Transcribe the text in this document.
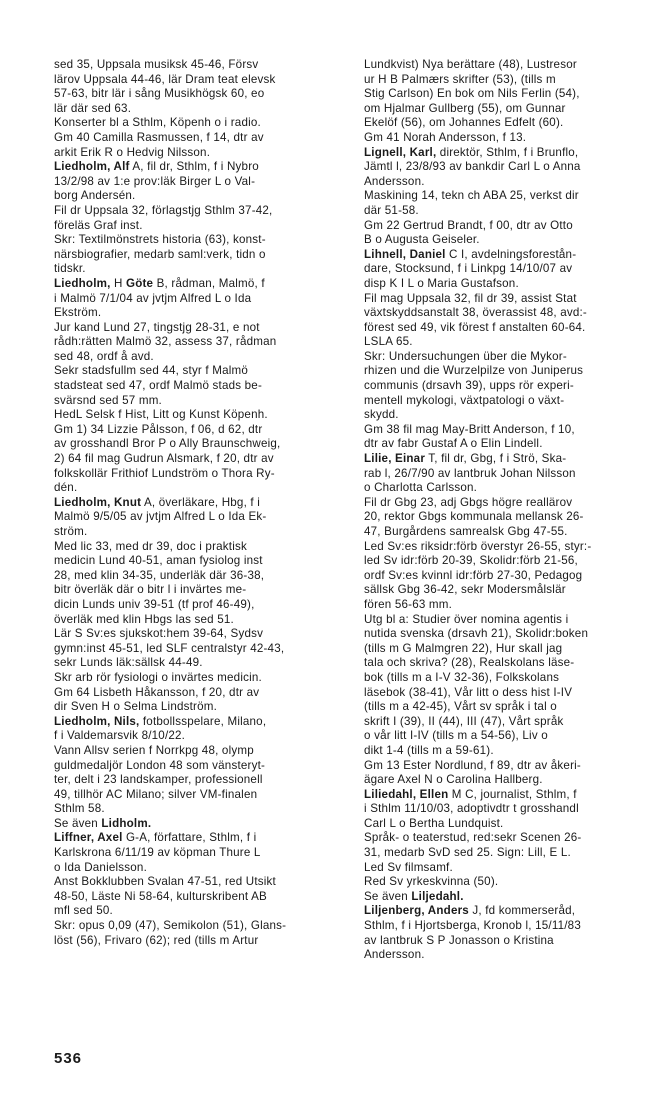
sed 35, Uppsala musiksk 45-46, Försv
lärov Uppsala 44-46, lär Dram teat elevsk
57-63, bitr lär i sång Musikhögsk 60, eo
lär där sed 63.
Konserter bl a Sthlm, Köpenh o i radio.
Gm 40 Camilla Rasmussen, f 14, dtr av
arkit Erik R o Hedvig Nilsson.
Liedholm, Alf A, fil dr, Sthlm, f i Nybro
13/2/98 av 1:e prov:läk Birger L o Val-
borg Andersén.
Fil dr Uppsala 32, förlagstjg Sthlm 37-42,
föreläs Graf inst.
Skr: Textilmönstrets historia (63), konst-
närsbiografier, medarb saml:verk, tidn o
tidskr.
Liedholm, H Göte B, rådman, Malmö, f
i Malmö 7/1/04 av jvtjm Alfred L o Ida
Ekström.
Jur kand Lund 27, tingstjg 28-31, e not
rådh:rätten Malmö 32, assess 37, rådman
sed 48, ordf å avd.
Sekr stadsfullm sed 44, styr f Malmö
stadsteat sed 47, ordf Malmö stads be-
svärsnd sed 57 mm.
HedL Selsk f Hist, Litt og Kunst Köpenh.
Gm 1) 34 Lizzie Pålsson, f 06, d 62, dtr
av grosshandl Bror P o Ally Braunschweig,
2) 64 fil mag Gudrun Alsmark, f 20, dtr av
folkskollär Frithiof Lundström o Thora Ry-
dén.
Liedholm, Knut A, överläkare, Hbg, f i
Malmö 9/5/05 av jvtjm Alfred L o Ida Ek-
ström.
Med lic 33, med dr 39, doc i praktisk
medicin Lund 40-51, aman fysiolog inst
28, med klin 34-35, underläk där 36-38,
bitr överläk där o bitr l i invärtes me-
dicin Lunds univ 39-51 (tf prof 46-49),
överläk med klin Hbgs las sed 51.
Lär S Sv:es sjukskot:hem 39-64, Sydsv
gymn:inst 45-51, led SLF centralstyr 42-43,
sekr Lunds läk:sällsk 44-49.
Skr arb rör fysiologi o invärtes medicin.
Gm 64 Lisbeth Håkansson, f 20, dtr av
dir Sven H o Selma Lindström.
Liedholm, Nils, fotbollsspelare, Milano,
f i Valdemarsvik 8/10/22.
Vann Allsv serien f Norrkpg 48, olymp
guldmedaljör London 48 som vänsteryt-
ter, delt i 23 landskamper, professionell
49, tillhör AC Milano; silver VM-finalen
Sthlm 58.
Se även Lidholm.
Liffner, Axel G-A, författare, Sthlm, f i
Karlskrona 6/11/19 av köpman Thure L
o Ida Danielsson.
Anst Bokklubben Svalan 47-51, red Utsikt
48-50, Läste Ni 58-64, kulturskribent AB
mfl sed 50.
Skr: opus 0,09 (47), Semikolon (51), Glans-
löst (56), Frivaro (62); red (tills m Artur
Lundkvist) Nya berättare (48), Lustresor
ur H B Palmærs skrifter (53), (tills m
Stig Carlson) En bok om Nils Ferlin (54),
om Hjalmar Gullberg (55), om Gunnar
Ekelöf (56), om Johannes Edfelt (60).
Gm 41 Norah Andersson, f 13.
Lignell, Karl, direktör, Sthlm, f i Brunflo,
Jämtl l, 23/8/93 av bankdir Carl L o Anna
Andersson.
Maskining 14, tekn ch ABA 25, verkst dir
där 51-58.
Gm 22 Gertrud Brandt, f 00, dtr av Otto
B o Augusta Geiseler.
Lihnell, Daniel C I, avdelningsforestån-
dare, Stocksund, f i Linkpg 14/10/07 av
disp K I L o Maria Gustafson.
Fil mag Uppsala 32, fil dr 39, assist Stat
växtskyddsanstalt 38, överassist 48, avd:-
förest sed 49, vik förest f anstalten 60-64.
LSLA 65.
Skr: Undersuchungen über die Mykor-
rhizen und die Wurzelpilze von Juniperus
communis (drsavh 39), upps rör experi-
mentell mykologi, växtpatologi o växt-
skydd.
Gm 38 fil mag May-Britt Anderson, f 10,
dtr av fabr Gustaf A o Elin Lindell.
Lilie, Einar T, fil dr, Gbg, f i Strö, Ska-
rab l, 26/7/90 av lantbruk Johan Nilsson
o Charlotta Carlsson.
Fil dr Gbg 23, adj Gbgs högre reallärov
20, rektor Gbgs kommunala mellansk 26-
47, Burgårdens samrealsk Gbg 47-55.
Led Sv:es riksidr:förb överstyr 26-55, styr:-
led Sv idr:förb 20-39, Skolidr:förb 21-56,
ordf Sv:es kvinnl idr:förb 27-30, Pedagog
sällsk Gbg 36-42, sekr Modersmålslär
fören 56-63 mm.
Utg bl a: Studier över nomina agentis i
nutida svenska (drsavh 21), Skolidr:boken
(tills m G Malmgren 22), Hur skall jag
tala och skriva? (28), Realskolans läse-
bok (tills m a I-V 32-36), Folkskolans
läsebok (38-41), Vår litt o dess hist I-IV
(tills m a 42-45), Vårt sv språk i tal o
skrift I (39), II (44), III (47), Vårt språk
o vår litt I-IV (tills m a 54-56), Liv o
dikt 1-4 (tills m a 59-61).
Gm 13 Ester Nordlund, f 89, dtr av åkeri-
ägare Axel N o Carolina Hallberg.
Liliedahl, Ellen M C, journalist, Sthlm, f
i Sthlm 11/10/03, adoptivdtr t grosshandl
Carl L o Bertha Lundquist.
Språk- o teaterstud, red:sekr Scenen 26-
31, medarb SvD sed 25. Sign: Lill, E L.
Led Sv filmsamf.
Red Sv yrkeskvinna (50).
Se även Liljedahl.
Liljenberg, Anders J, fd kommerseråd,
Sthlm, f i Hjortsberga, Kronob l, 15/11/83
av lantbruk S P Jonasson o Kristina
Andersson.
536
